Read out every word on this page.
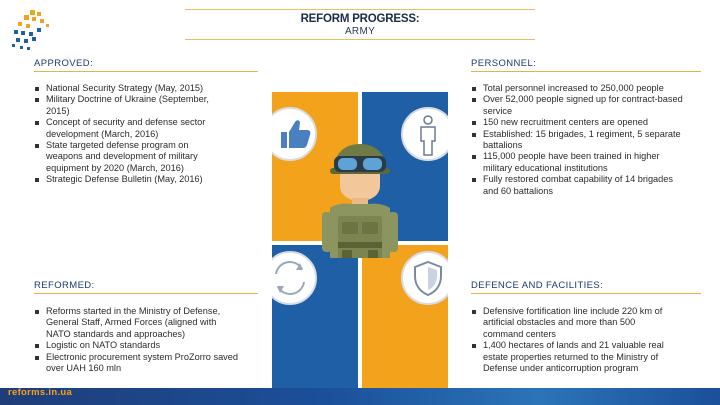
REFORM PROGRESS:
ARMY
APPROVED:
National Security Strategy (May, 2015)
Military Doctrine of Ukraine (September,
2015)
Concept of security and defense sector
development (March, 2016)
State targeted defense program on
weapons and development of military
equipment by 2020 (March, 2016)
Strategic Defense Bulletin (May, 2016)
PERSONNEL:
Total personnel increased to 250,000 people
Over 52,000 people signed up for contract-based
service
150 new recruitment centers are opened
Established: 15 brigades, 1 regiment, 5 separate
battalions
115,000 people have been trained in higher
military educational institutions
Fully restored combat capability of 14 brigades
and 60 battalions
REFORMED:
Reforms started in the Ministry of Defense,
General Staff, Armed Forces (aligned with
NATO standards and approaches)
Logistic on NATO standards
Electronic procurement system ProZorro saved
over UAH 160 mln
DEFENCE AND FACILITIES:
Defensive fortification line include 220 km of
artificial obstacles and more than 500
command centers
1,400 hectares of lands and 21 valuable real
estate properties returned to the Ministry of
Defense under anticorruption program
reforms.in.ua
